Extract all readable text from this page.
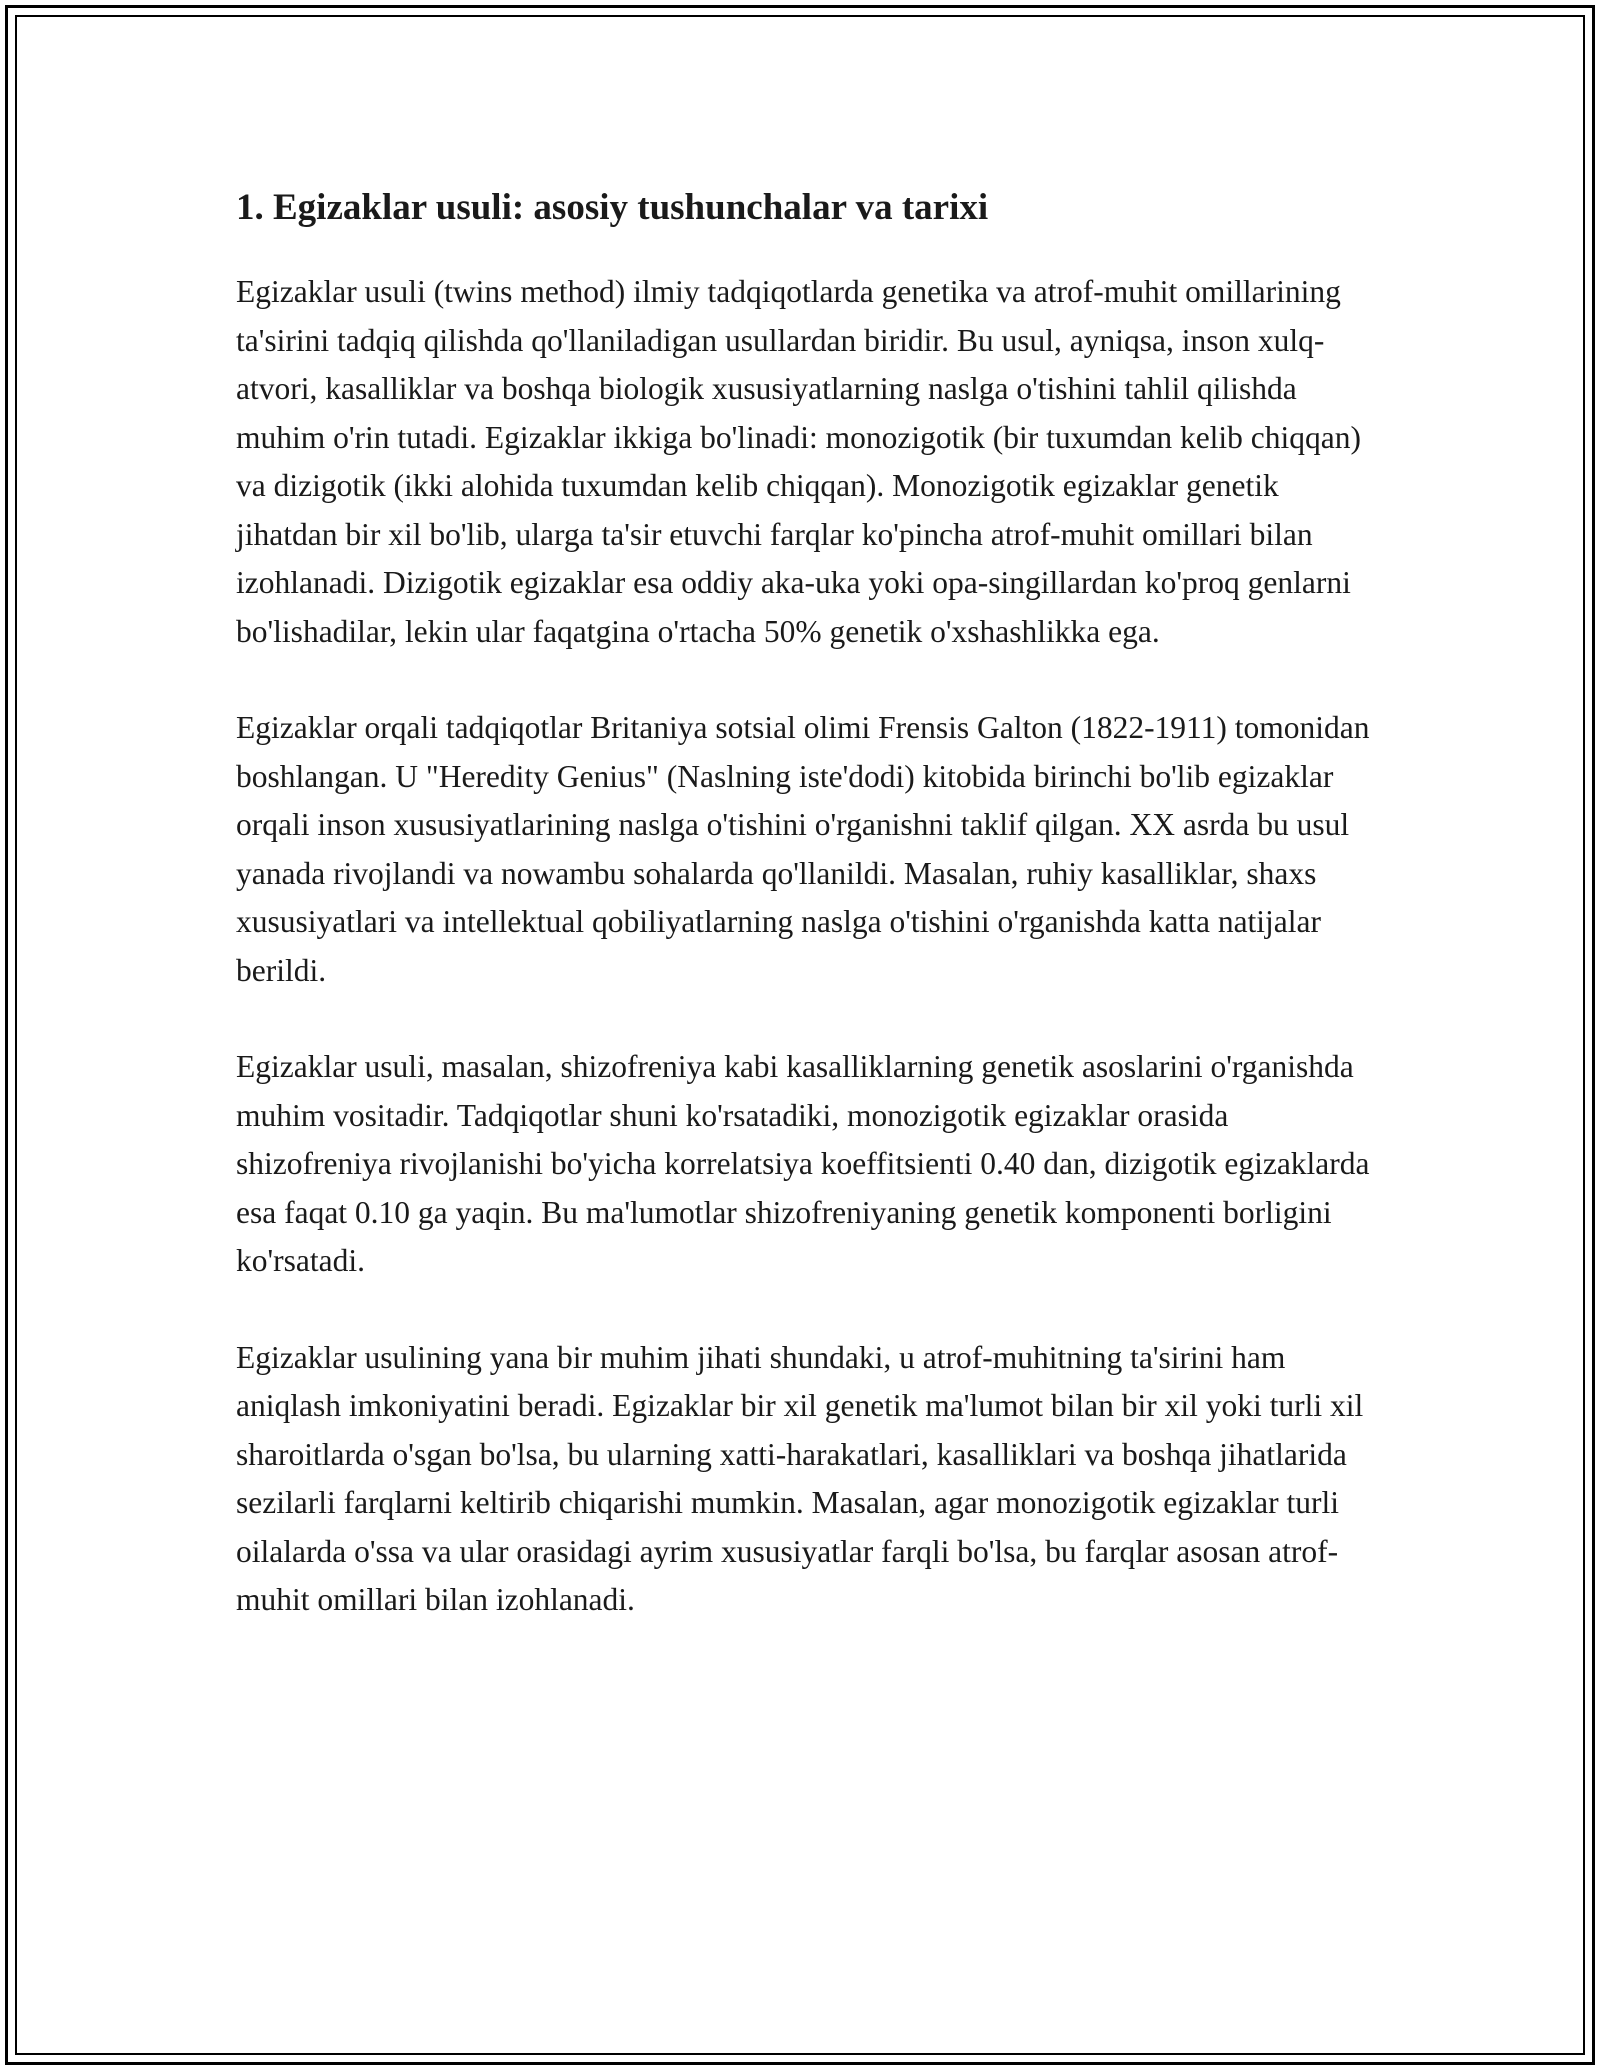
1. Egizaklar usuli: asosiy tushunchalar va tarixi

Egizaklar usuli (twins method) ilmiy tadqiqotlarda genetika va atrof-muhit omillarining ta'sirini tadqiq qilishda qo'llaniladigan usullardan biridir. Bu usul, ayniqsa, inson xulq-atvori, kasalliklar va boshqa biologik xususiyatlarning naslga o'tishini tahlil qilishda muhim o'rin tutadi. Egizaklar ikkiga bo'linadi: monozigotik (bir tuxumdan kelib chiqqan) va dizigotik (ikki alohida tuxumdan kelib chiqqan). Monozigotik egizaklar genetik jihatdan bir xil bo'lib, ularga ta'sir etuvchi farqlar ko'pincha atrof-muhit omillari bilan izohlanadi. Dizigotik egizaklar esa oddiy aka-uka yoki opa-singillardan ko'proq genlarni bo'lishadilar, lekin ular faqatgina o'rtacha 50% genetik o'xshashlikka ega.

Egizaklar orqali tadqiqotlar Britaniya sotsial olimi Frensis Galton (1822-1911) tomonidan boshlangan. U "Heredity Genius" (Naslning iste'dodi) kitobida birinchi bo'lib egizaklar orqali inson xususiyatlarining naslga o'tishini o'rganishni taklif qilgan. XX asrda bu usul yanada rivojlandi va nowambu sohalarda qo'llanildi. Masalan, ruhiy kasalliklar, shaxs xususiyatlari va intellektual qobiliyatlarning naslga o'tishini o'rganishda katta natijalar berildi.

Egizaklar usuli, masalan, shizofreniya kabi kasalliklarning genetik asoslarini o'rganishda muhim vositadir. Tadqiqotlar shuni ko'rsatadiki, monozigotik egizaklar orasida shizofreniya rivojlanishi bo'yicha korrelatsiya koeffitsienti 0.40 dan, dizigotik egizaklarda esa faqat 0.10 ga yaqin. Bu ma'lumotlar shizofreniyaning genetik komponenti borligini ko'rsatadi.

Egizaklar usulining yana bir muhim jihati shundaki, u atrof-muhitning ta'sirini ham aniqlash imkoniyatini beradi. Egizaklar bir xil genetik ma'lumot bilan bir xil yoki turli xil sharoitlarda o'sgan bo'lsa, bu ularning xatti-harakatlari, kasalliklari va boshqa jihatlarida sezilarli farqlarni keltirib chiqarishi mumkin. Masalan, agar monozigotik egizaklar turli oilalarda o'ssa va ular orasidagi ayrim xususiyatlar farqli bo'lsa, bu farqlar asosan atrof-muhit omillari bilan izohlanadi.
